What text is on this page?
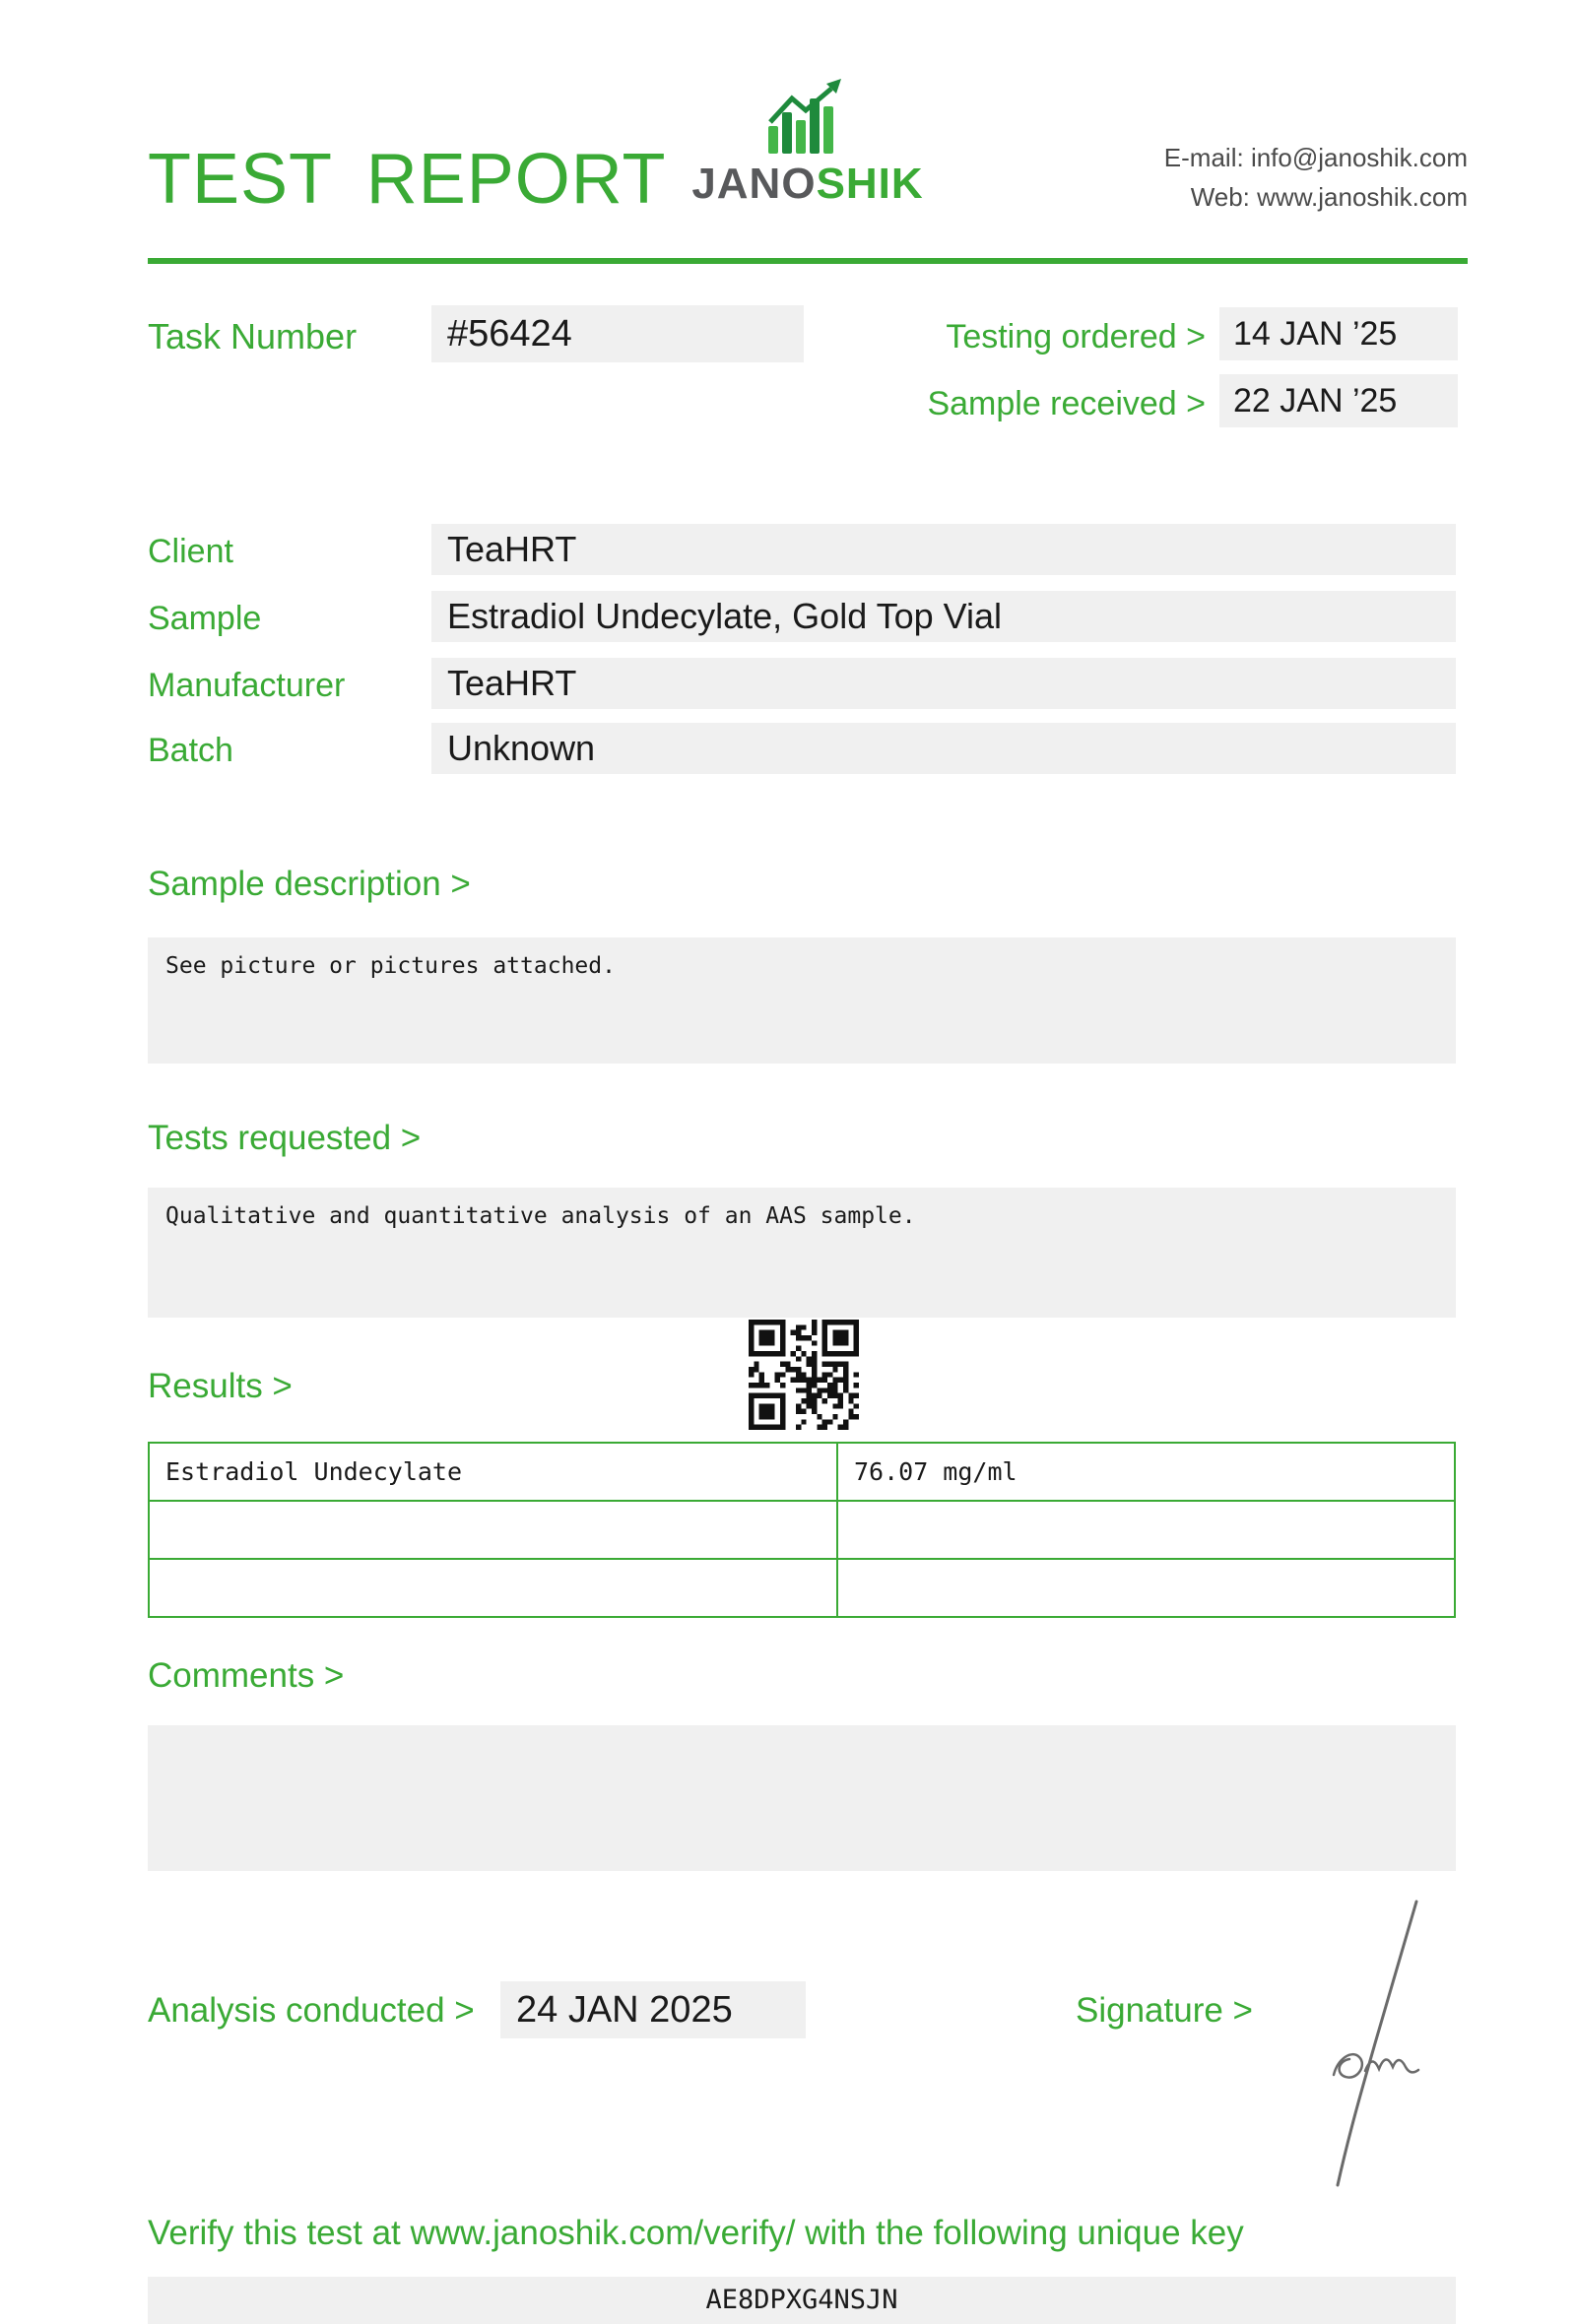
TEST REPORT JANOSHIK
E-mail: info@janoshik.com
Web: www.janoshik.com
Task Number	#56424	Testing ordered > 14 JAN ’25
Sample received > 22 JAN ’25
Client	TeaHRT
Sample	Estradiol Undecylate, Gold Top Vial
Manufacturer	TeaHRT
Batch	Unknown
Sample description >
See picture or pictures attached.
Tests requested >
Qualitative and quantitative analysis of an AAS sample.
Results >
Estradiol Undecylate	76.07 mg/ml

Comments >
Analysis conducted >	24 JAN 2025	Signature >
Verify this test at www.janoshik.com/verify/ with the following unique key
AE8DPXG4NSJN
